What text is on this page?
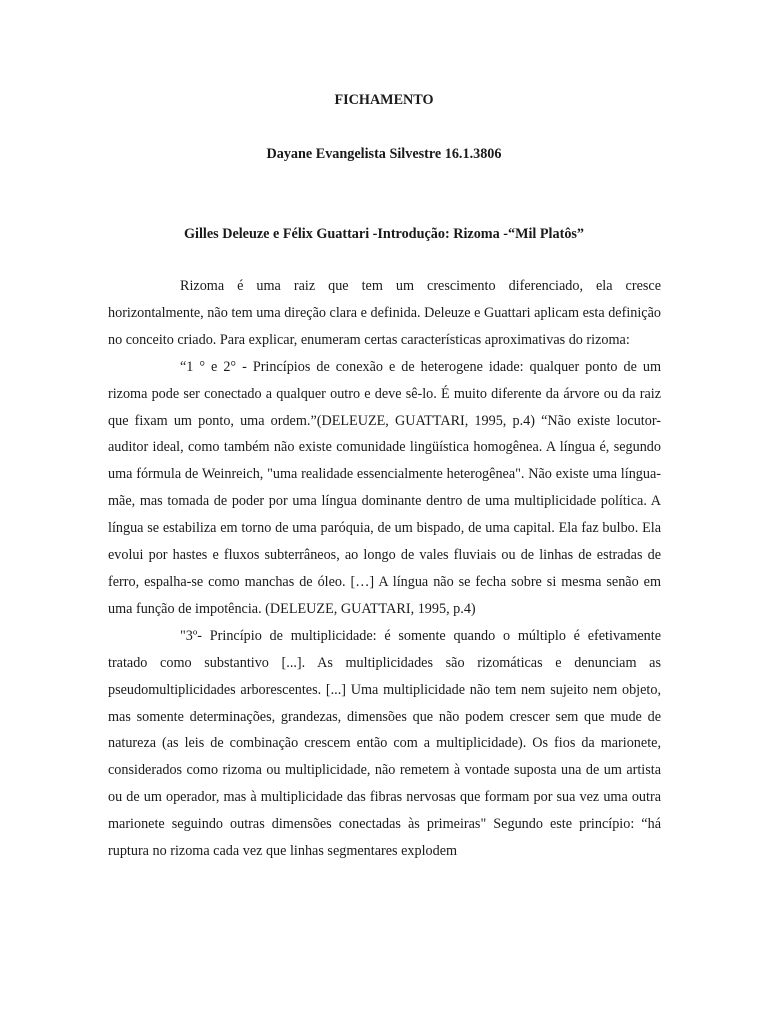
FICHAMENTO
Dayane Evangelista Silvestre 16.1.3806
Gilles Deleuze e Félix Guattari -Introdução: Rizoma -“Mil Platôs”

Rizoma é uma raiz que tem um crescimento diferenciado, ela cresce horizontalmente, não tem uma direção clara e definida. Deleuze e Guattari aplicam esta definição no conceito criado. Para explicar, enumeram certas características aproximativas do rizoma:

“1 ° e 2° - Princípios de conexão e de heterogene idade: qualquer ponto de um rizoma pode ser conectado a qualquer outro e deve sê-lo. É muito diferente da árvore ou da raiz que fixam um ponto, uma ordem.”(DELEUZE, GUATTARI, 1995, p.4) “Não existe locutor-auditor ideal, como também não existe comunidade lingüística homogênea. A língua é, segundo uma fórmula de Weinreich, "uma realidade essencialmente heterogênea". Não existe uma língua-mãe, mas tomada de poder por uma língua dominante dentro de uma multiplicidade política. A língua se estabiliza em torno de uma paróquia, de um bispado, de uma capital. Ela faz bulbo. Ela evolui por hastes e fluxos subterrâneos, ao longo de vales fluviais ou de linhas de estradas de ferro, espalha-se como manchas de óleo. […] A língua não se fecha sobre si mesma senão em uma função de impotência. (DELEUZE, GUATTARI, 1995, p.4)

"3º- Princípio de multiplicidade: é somente quando o múltiplo é efetivamente tratado como substantivo [...]. As multiplicidades são rizomáticas e denunciam as pseudomultiplicidades arborescentes. [...] Uma multiplicidade não tem nem sujeito nem objeto, mas somente determinações, grandezas, dimensões que não podem crescer sem que mude de natureza (as leis de combinação crescem então com a multiplicidade). Os fios da marionete, considerados como rizoma ou multiplicidade, não remetem à vontade suposta una de um artista ou de um operador, mas à multiplicidade das fibras nervosas que formam por sua vez uma outra marionete seguindo outras dimensões conectadas às primeiras" Segundo este princípio: “há ruptura no rizoma cada vez que linhas segmentares explodem
